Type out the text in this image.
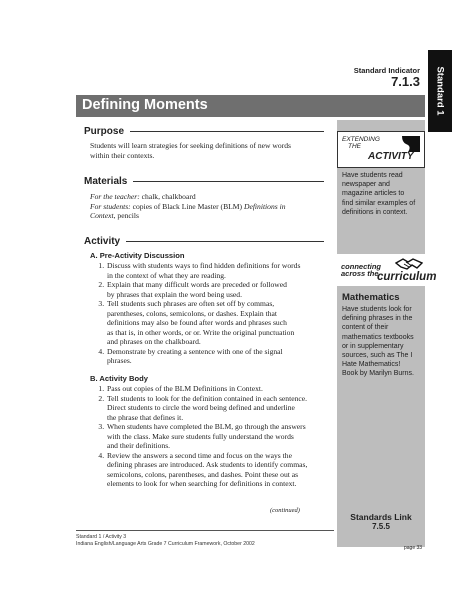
Standard Indicator
7.1.3 Standard 1
Defining Moments
Purpose
Students will learn strategies for seeking definitions of new words
within their contexts.
Materials
For the teacher: chalk, chalkboard
For students: copies of Black Line Master (BLM) Definitions in
Context, pencils
Activity
A. Pre-Activity Discussion
1. Discuss with students ways to find hidden definitions for words
in the context of what they are reading.
2. Explain that many difficult words are preceded or followed
by phrases that explain the word being used.
3. Tell students such phrases are often set off by commas,
parentheses, colons, semicolons, or dashes. Explain that
definitions may also be found after words and phrases such
as that is, in other words, or or. Write the original punctuation
and phrases on the chalkboard.
4. Demonstrate by creating a sentence with one of the signal
phrases.
B. Activity Body
1. Pass out copies of the BLM Definitions in Context.
2. Tell students to look for the definition contained in each sentence.
Direct students to circle the word being defined and underline
the phrase that defines it.
3. When students have completed the BLM, go through the answers
with the class. Make sure students fully understand the words
and their definitions.
4. Review the answers a second time and focus on the ways the
defining phrases are introduced. Ask students to identify commas,
semicolons, colons, parentheses, and dashes. Point these out as
elements to look for when searching for definitions in context.
(continued)
Standard 1 / Activity 3
Indiana English/Language Arts Grade 7 Curriculum Framework, October 2002
EXTENDING
THE
ACTIVITY
Have students read
newspaper and
magazine articles to
find similar examples of
definitions in context.
connecting
across the
curriculum
Mathematics
Have students look for
defining phrases in the
content of their
mathematics textbooks
or in supplementary
sources, such as The I
Hate Mathematics!
Book by Marilyn Burns.
Standards Link
7.5.5
page 33
